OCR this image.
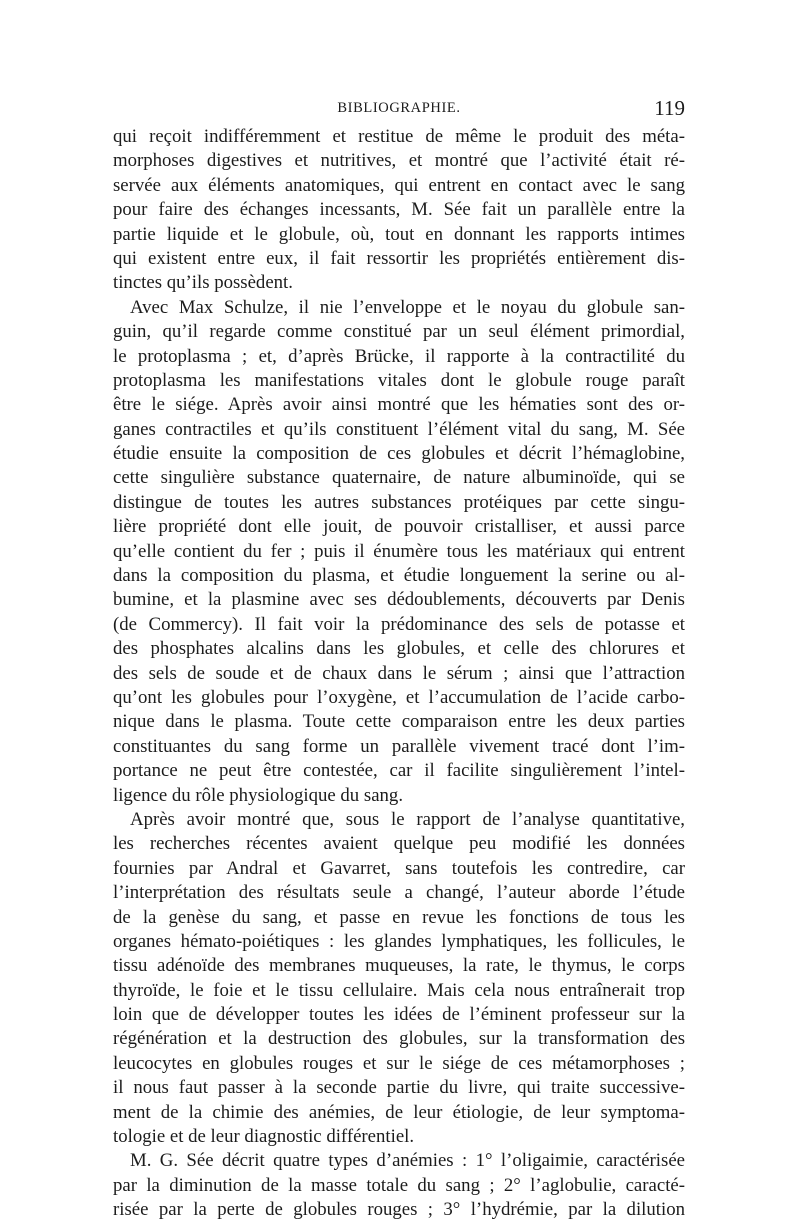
BIBLIOGRAPHIE.	119
qui reçoit indifféremment et restitue de même le produit des méta-
morphoses digestives et nutritives, et montré que l’activité était ré-
servée aux éléments anatomiques, qui entrent en contact avec le sang
pour faire des échanges incessants, M. Sée fait un parallèle entre la
partie liquide et le globule, où, tout en donnant les rapports intimes
qui existent entre eux, il fait ressortir les propriétés entièrement dis-
tinctes qu’ils possèdent.
Avec Max Schulze, il nie l’enveloppe et le noyau du globule san-
guin, qu’il regarde comme constitué par un seul élément primordial,
le protoplasma ; et, d’après Brücke, il rapporte à la contractilité du
protoplasma les manifestations vitales dont le globule rouge paraît
être le siége. Après avoir ainsi montré que les hématies sont des or-
ganes contractiles et qu’ils constituent l’élément vital du sang, M. Sée
étudie ensuite la composition de ces globules et décrit l’hémaglobine,
cette singulière substance quaternaire, de nature albuminoïde, qui se
distingue de toutes les autres substances protéiques par cette singu-
lière propriété dont elle jouit, de pouvoir cristalliser, et aussi parce
qu’elle contient du fer ; puis il énumère tous les matériaux qui entrent
dans la composition du plasma, et étudie longuement la serine ou al-
bumine, et la plasmine avec ses dédoublements, découverts par Denis
(de Commercy). Il fait voir la prédominance des sels de potasse et
des phosphates alcalins dans les globules, et celle des chlorures et
des sels de soude et de chaux dans le sérum ; ainsi que l’attraction
qu’ont les globules pour l’oxygène, et l’accumulation de l’acide carbo-
nique dans le plasma. Toute cette comparaison entre les deux parties
constituantes du sang forme un parallèle vivement tracé dont l’im-
portance ne peut être contestée, car il facilite singulièrement l’intel-
ligence du rôle physiologique du sang.
Après avoir montré que, sous le rapport de l’analyse quantitative,
les recherches récentes avaient quelque peu modifié les données
fournies par Andral et Gavarret, sans toutefois les contredire, car
l’interprétation des résultats seule a changé, l’auteur aborde l’étude
de la genèse du sang, et passe en revue les fonctions de tous les
organes hémato-poiétiques : les glandes lymphatiques, les follicules, le
tissu adénoïde des membranes muqueuses, la rate, le thymus, le corps
thyroïde, le foie et le tissu cellulaire. Mais cela nous entraînerait trop
loin que de développer toutes les idées de l’éminent professeur sur la
régénération et la destruction des globules, sur la transformation des
leucocytes en globules rouges et sur le siége de ces métamorphoses ;
il nous faut passer à la seconde partie du livre, qui traite successive-
ment de la chimie des anémies, de leur étiologie, de leur symptoma-
tologie et de leur diagnostic différentiel.
M. G. Sée décrit quatre types d’anémies : 1° l’oligaimie, caractérisée
par la diminution de la masse totale du sang ; 2° l’aglobulie, caracté-
risée par la perte de globules rouges ; 3° l’hydrémie, par la dilution
